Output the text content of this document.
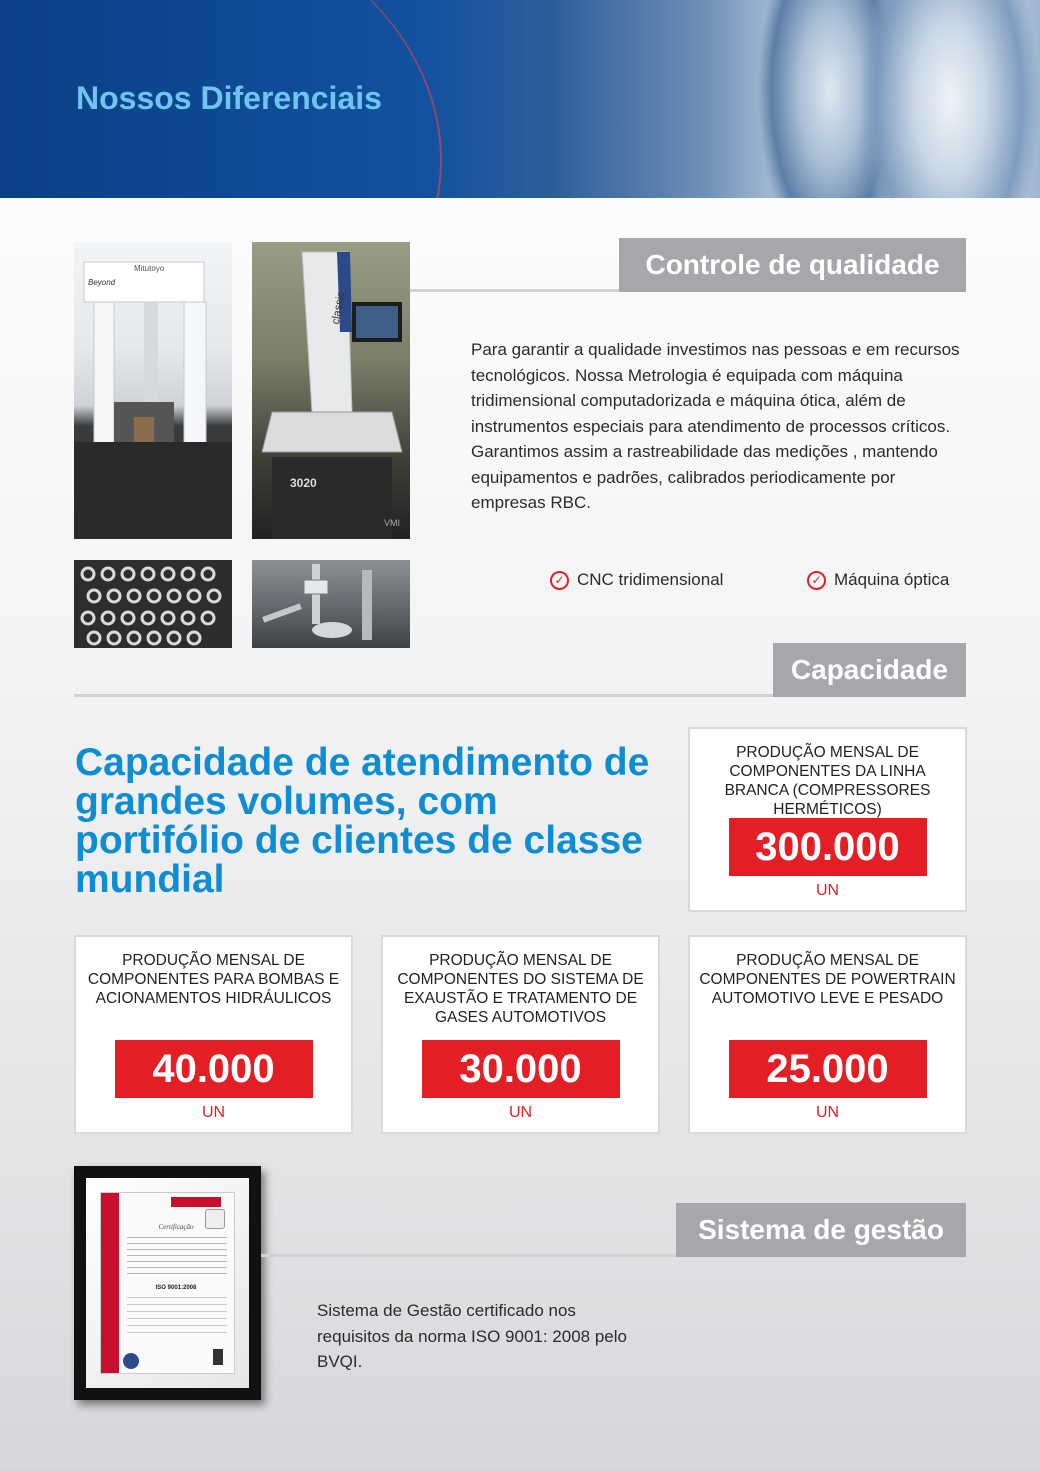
Nossos Diferenciais
Mitutoyo
Beyond
classic
3020
VMI
Controle de qualidade

Para garantir a qualidade investimos nas pessoas e em recursos tecnológicos. Nossa Metrologia é equipada com máquina tridimensional computadorizada e máquina ótica, além de instrumentos especiais para atendimento de processos críticos. Garantimos assim a rastreabilidade das medições , mantendo equipamentos e padrões, calibrados periodicamente por empresas RBC.

✓ CNC tridimensional	✓ Máquina óptica
Capacidade
Capacidade de atendimento de grandes volumes, com portifólio de clientes de classe mundial
PRODUÇÃO MENSAL DE COMPONENTES DA LINHA BRANCA (COMPRESSORES HERMÉTICOS)
300.000
UN
PRODUÇÃO MENSAL DE COMPONENTES PARA BOMBAS E ACIONAMENTOS HIDRÁULICOS
40.000
UN
PRODUÇÃO MENSAL DE COMPONENTES DO SISTEMA DE EXAUSTÃO E TRATAMENTO DE GASES AUTOMOTIVOS
30.000
UN
PRODUÇÃO MENSAL DE COMPONENTES DE POWERTRAIN AUTOMOTIVO LEVE E PESADO
25.000
UN
Certificação
ISO 9001:2008
Sistema de gestão

Sistema de Gestão certificado nos requisitos da norma ISO 9001: 2008 pelo BVQI.
